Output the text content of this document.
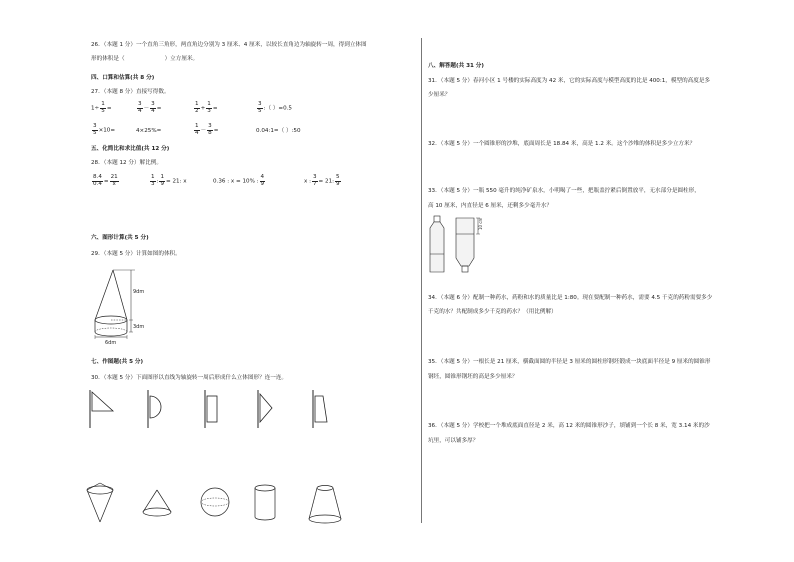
26．（本题 1 分）一个直角三角形，两直角边分别为 3 厘米、4 厘米，以较长直角边为轴旋转一周，得到立体图
形的体积是（	）立方厘米。
四、口算和估算(共 8 分)
27．（本题 8 分）直接写得数。
$1\div \frac{1}{5}$ =	$\frac{3}{4} - \frac{3}{4}$ =	$\frac{1}{2} + \frac{1}{3}$ =	$\frac{3}{5}$ :（ ）=0.5
$\frac{3}{5} \times 10=$	4×25%=	$\frac{1}{4} - \frac{3}{8}$ =	0.04:1=（ ）:50
五、化简比和求比值(共 12 分)
28．（本题 12 分）解比例。
$\frac{8.4}{0.4} = \frac{21}{x}$	$\frac{1}{3}$ : $\frac{1}{9} = 21$: x	0.36 : x = 10% : $\frac{4}{9}$	x : $\frac{3}{7} = 21$: $\frac{5}{9}$
六、图形计算(共 5 分)
29．（本题 5 分）计算如图的体积。
9dm
3dm
6dm
七、作图题(共 5 分)
30．（本题 5 分）下面图形以直线为轴旋转一周后形成什么立体图形？连一连。
八、解答题(共 31 分)
31．（本题 5 分）春河小区 1 号楼的实际高度为 42 米，它的实际高度与模型高度的比是 400:1，模型的高度是多
少厘米？
32．（本题 5 分）一个圆锥形的沙堆，底面周长是 18.84 米，高是 1.2 米。这个沙堆的体积是多少立方米？
33．（本题 5 分）一瓶 550 毫升的纯净矿泉水，小明喝了一些，把瓶盖拧紧后倒置放平，无水部分是圆柱形，
高 10 厘米，内直径是 6 厘米，还剩多少毫升水？
10 cm
34．（本题 6 分）配制一种药水，药粉和水的质量比是 1:80。现在要配制一种药水，需要 4.5 千克的药粉需要多少
千克的水？共配制成多少千克的药水？（用比例解）
35．（本题 5 分）一根长是 21 厘米，横截面圆的半径是 3 厘米的圆柱形钢坯锻成一块底面半径是 9 厘米的圆锥形
钢坯，圆锥形钢坯的高是多少厘米？
36．（本题 5 分）学校把一个堆成底面直径是 2 米，高 12 米的圆锥形沙子，填铺到一个长 8 米，宽 3.14 米的沙
坑里，可以铺多厚？
